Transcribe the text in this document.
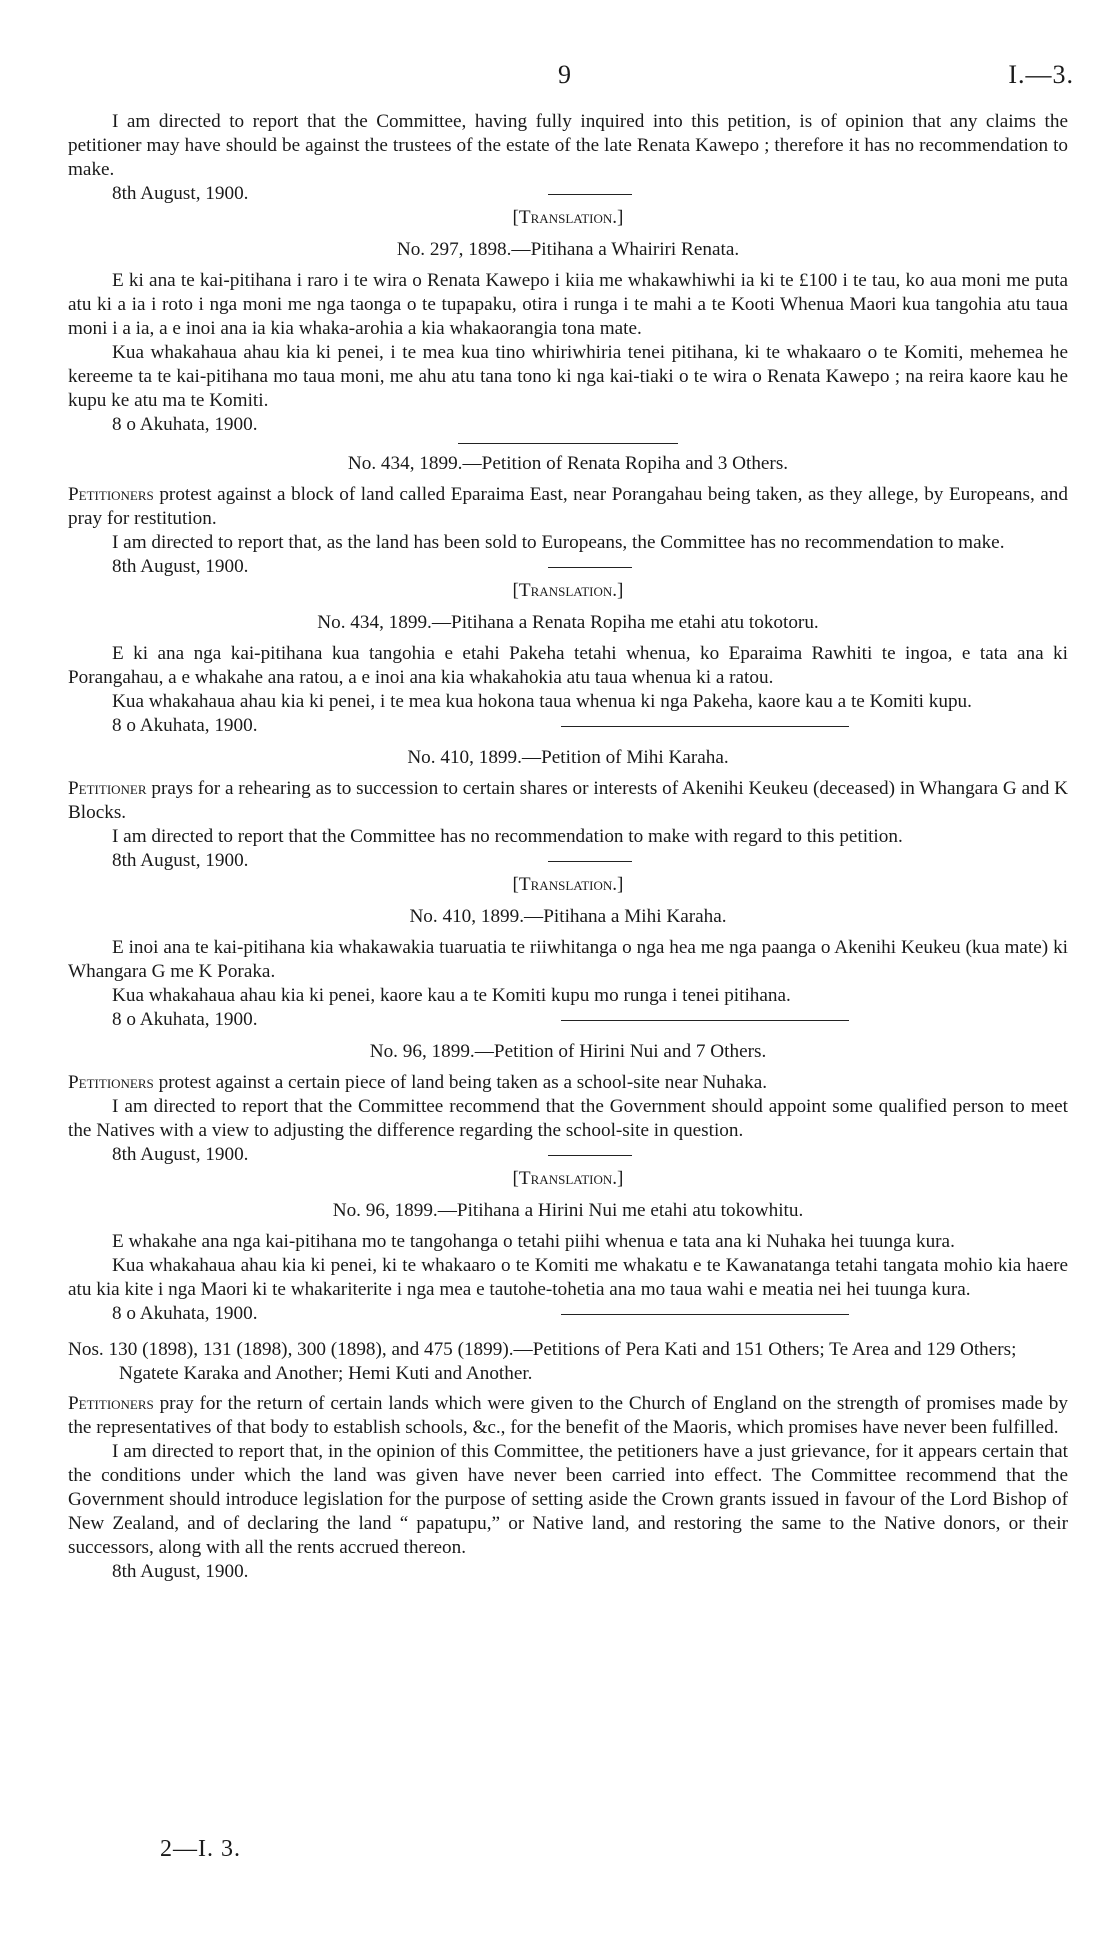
9	I.—3.

I am directed to report that the Committee, having fully inquired into this petition, is of opinion that any claims the petitioner may have should be against the trustees of the estate of the late Renata Kawepo ; therefore it has no recommendation to make.

8th August, 1900.

[Translation.]

No. 297, 1898.—Pitihana a Whairiri Renata.

E ki ana te kai-pitihana i raro i te wira o Renata Kawepo i kiia me whakawhiwhi ia ki te £100 i te tau, ko aua moni me puta atu ki a ia i roto i nga moni me nga taonga o te tupapaku, otira i runga i te mahi a te Kooti Whenua Maori kua tangohia atu taua moni i a ia, a e inoi ana ia kia whaka-arohia a kia whakaorangia tona mate.

Kua whakahaua ahau kia ki penei, i te mea kua tino whiriwhiria tenei pitihana, ki te whakaaro o te Komiti, mehemea he kereeme ta te kai-pitihana mo taua moni, me ahu atu tana tono ki nga kai-tiaki o te wira o Renata Kawepo ; na reira kaore kau he kupu ke atu ma te Komiti.

8 o Akuhata, 1900.

No. 434, 1899.—Petition of Renata Ropiha and 3 Others.

Petitioners protest against a block of land called Eparaima East, near Porangahau being taken, as they allege, by Europeans, and pray for restitution.

I am directed to report that, as the land has been sold to Europeans, the Committee has no recommendation to make.

8th August, 1900.

[Translation.]

No. 434, 1899.—Pitihana a Renata Ropiha me etahi atu tokotoru.

E ki ana nga kai-pitihana kua tangohia e etahi Pakeha tetahi whenua, ko Eparaima Rawhiti te ingoa, e tata ana ki Porangahau, a e whakahe ana ratou, a e inoi ana kia whakahokia atu taua whenua ki a ratou.

Kua whakahaua ahau kia ki penei, i te mea kua hokona taua whenua ki nga Pakeha, kaore kau a te Komiti kupu.

8 o Akuhata, 1900.

No. 410, 1899.—Petition of Mihi Karaha.

Petitioner prays for a rehearing as to succession to certain shares or interests of Akenihi Keukeu (deceased) in Whangara G and K Blocks.

I am directed to report that the Committee has no recommendation to make with regard to this petition.

8th August, 1900.

[Translation.]

No. 410, 1899.—Pitihana a Mihi Karaha.

E inoi ana te kai-pitihana kia whakawakia tuaruatia te riiwhitanga o nga hea me nga paanga o Akenihi Keukeu (kua mate) ki Whangara G me K Poraka.

Kua whakahaua ahau kia ki penei, kaore kau a te Komiti kupu mo runga i tenei pitihana.

8 o Akuhata, 1900.

No. 96, 1899.—Petition of Hirini Nui and 7 Others.

Petitioners protest against a certain piece of land being taken as a school-site near Nuhaka.

I am directed to report that the Committee recommend that the Government should appoint some qualified person to meet the Natives with a view to adjusting the difference regarding the school-site in question.

8th August, 1900.

[Translation.]

No. 96, 1899.—Pitihana a Hirini Nui me etahi atu tokowhitu.

E whakahe ana nga kai-pitihana mo te tangohanga o tetahi piihi whenua e tata ana ki Nuhaka hei tuunga kura.

Kua whakahaua ahau kia ki penei, ki te whakaaro o te Komiti me whakatu e te Kawanatanga tetahi tangata mohio kia haere atu kia kite i nga Maori ki te whakariterite i nga mea e tautohe-tohetia ana mo taua wahi e meatia nei hei tuunga kura.

8 o Akuhata, 1900.

Nos. 130 (1898), 131 (1898), 300 (1898), and 475 (1899).—Petitions of Pera Kati and 151 Others; Te Area and 129 Others; Ngatete Karaka and Another; Hemi Kuti and Another.

Petitioners pray for the return of certain lands which were given to the Church of England on the strength of promises made by the representatives of that body to establish schools, &c., for the benefit of the Maoris, which promises have never been fulfilled.

I am directed to report that, in the opinion of this Committee, the petitioners have a just grievance, for it appears certain that the conditions under which the land was given have never been carried into effect. The Committee recommend that the Government should introduce legislation for the purpose of setting aside the Crown grants issued in favour of the Lord Bishop of New Zealand, and of declaring the land “ papatupu,” or Native land, and restoring the same to the Native donors, or their successors, along with all the rents accrued thereon.

8th August, 1900.

2—I. 3.
